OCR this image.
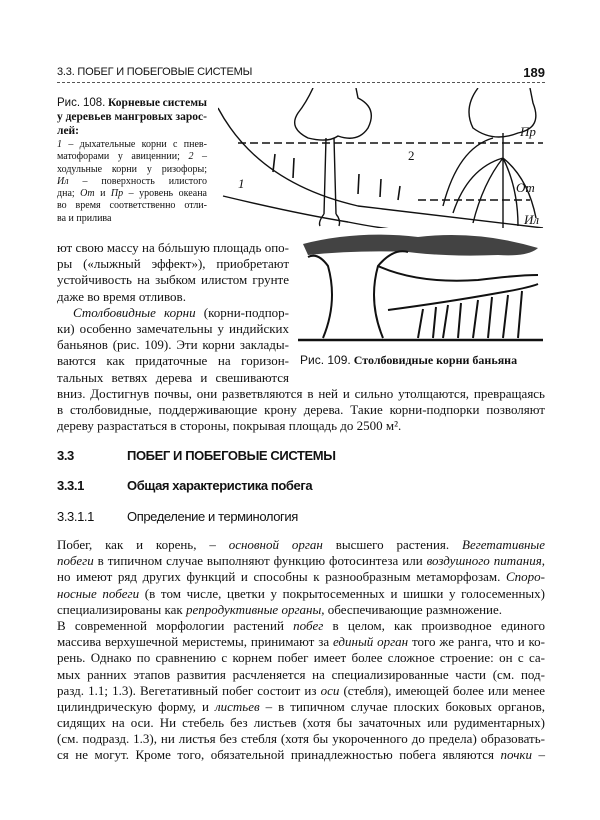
3.3. ПОБЕГ И ПОБЕГОВЫЕ СИСТЕМЫ	189
Рис. 108. Корневые системы
у деревьев мангровых зарос-
лей:
1 – дыхательные корни с пнев-
матофорами у авиценнии; 2 –
ходульные корни у ризофоры;
Ил – поверхность илистого
дна; От и Пр – уровень океана
во время соответственно отли-
ва и прилива
1
2
Пр
От
Ил
Рис. 109. Столбовидные корни баньяна
ют свою массу на бóльшую площадь опо-
ры («лыжный эффект»), приобретают
устойчивость на зыбком илистом грунте
даже во время отливов.
Столбовидные корни (корни-подпор-
ки) особенно замечательны у индийских
баньянов (рис. 109). Эти корни заклады-
ваются как придаточные на горизон-
тальных ветвях дерева и свешиваются
вниз. Достигнув почвы, они разветвляются в ней и сильно утолщаются, превращаясь
в столбовидные, поддерживающие крону дерева. Такие корни-подпорки позволяют
дереву разрастаться в стороны, покрывая площадь до 2500 м².
3.3	ПОБЕГ И ПОБЕГОВЫЕ СИСТЕМЫ
3.3.1	Общая характеристика побега
3.3.1.1	Определение и терминология
Побег, как и корень, – основной орган высшего растения. Вегетативные
побеги в типичном случае выполняют функцию фотосинтеза или воздушного питания,
но имеют ряд других функций и способны к разнообразным метаморфозам. Споро-
носные побеги (в том числе, цветки у покрытосеменных и шишки у голосеменных)
специализированы как репродуктивные органы, обеспечивающие размножение.
В современной морфологии растений побег в целом, как производное единого
массива верхушечной меристемы, принимают за единый орган того же ранга, что и ко-
рень. Однако по сравнению с корнем побег имеет более сложное строение: он с са-
мых ранних этапов развития расчленяется на специализированные части (см. под-
разд. 1.1; 1.3). Вегетативный побег состоит из оси (стебля), имеющей более или менее
цилиндрическую форму, и листьев – в типичном случае плоских боковых органов,
сидящих на оси. Ни стебель без листьев (хотя бы зачаточных или рудиментарных)
(см. подразд. 1.3), ни листья без стебля (хотя бы укороченного до предела) образовать-
ся не могут. Кроме того, обязательной принадлежностью побега являются почки –
